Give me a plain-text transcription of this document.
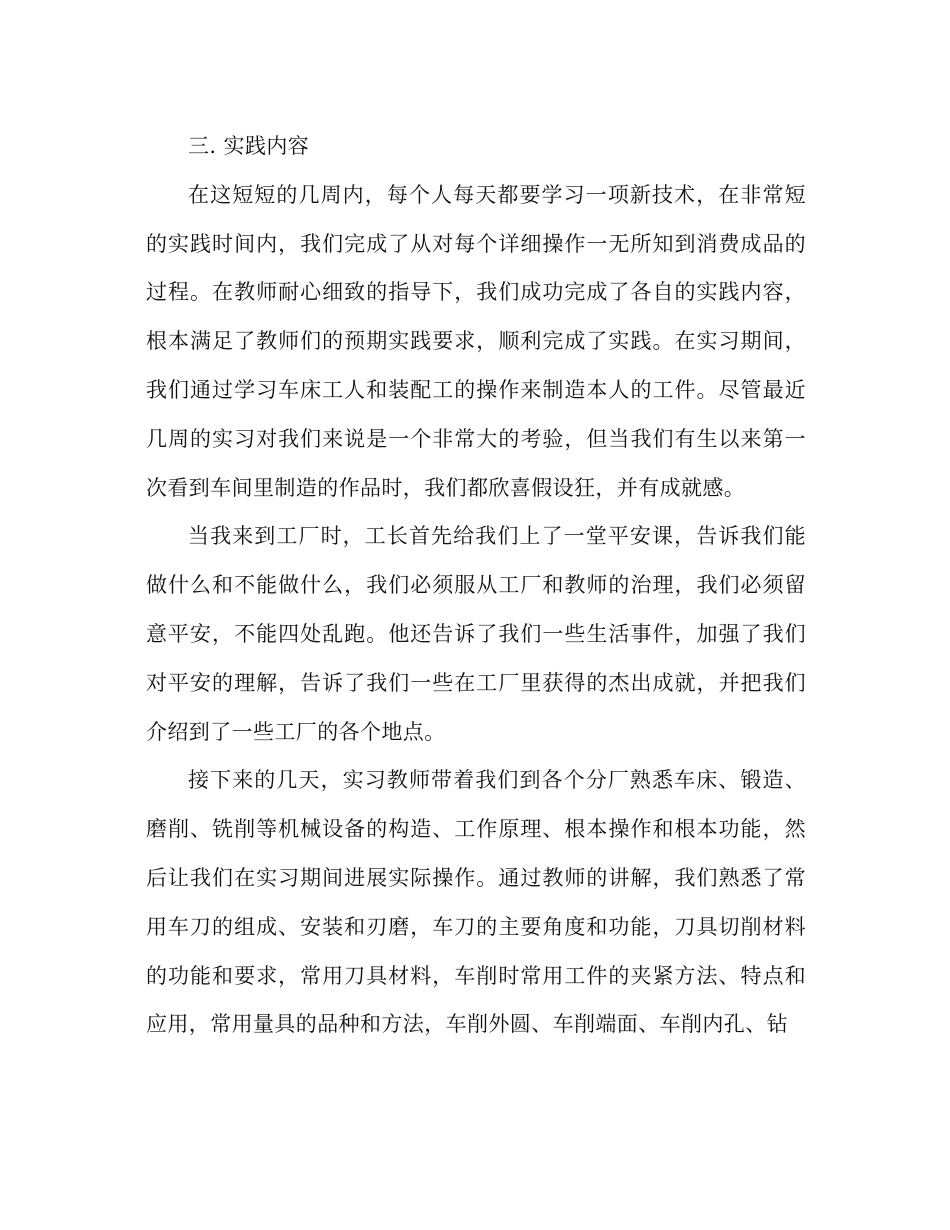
三. 实践内容

在这短短的几周内，每个人每天都要学习一项新技术，在非常短的实践时间内，我们完成了从对每个详细操作一无所知到消费成品的过程。在教师耐心细致的指导下，我们成功完成了各自的实践内容，根本满足了教师们的预期实践要求，顺利完成了实践。在实习期间，我们通过学习车床工人和装配工的操作来制造本人的工件。尽管最近几周的实习对我们来说是一个非常大的考验，但当我们有生以来第一次看到车间里制造的作品时，我们都欣喜假设狂，并有成就感。

当我来到工厂时，工长首先给我们上了一堂平安课，告诉我们能做什么和不能做什么，我们必须服从工厂和教师的治理，我们必须留意平安，不能四处乱跑。他还告诉了我们一些生活事件，加强了我们对平安的理解，告诉了我们一些在工厂里获得的杰出成就，并把我们介绍到了一些工厂的各个地点。

接下来的几天，实习教师带着我们到各个分厂熟悉车床、锻造、磨削、铣削等机械设备的构造、工作原理、根本操作和根本功能，然后让我们在实习期间进展实际操作。通过教师的讲解，我们熟悉了常用车刀的组成、安装和刃磨，车刀的主要角度和功能，刀具切削材料的功能和要求，常用刀具材料，车削时常用工件的夹紧方法、特点和应用，常用量具的品种和方法，车削外圆、车削端面、车削内孔、钻
